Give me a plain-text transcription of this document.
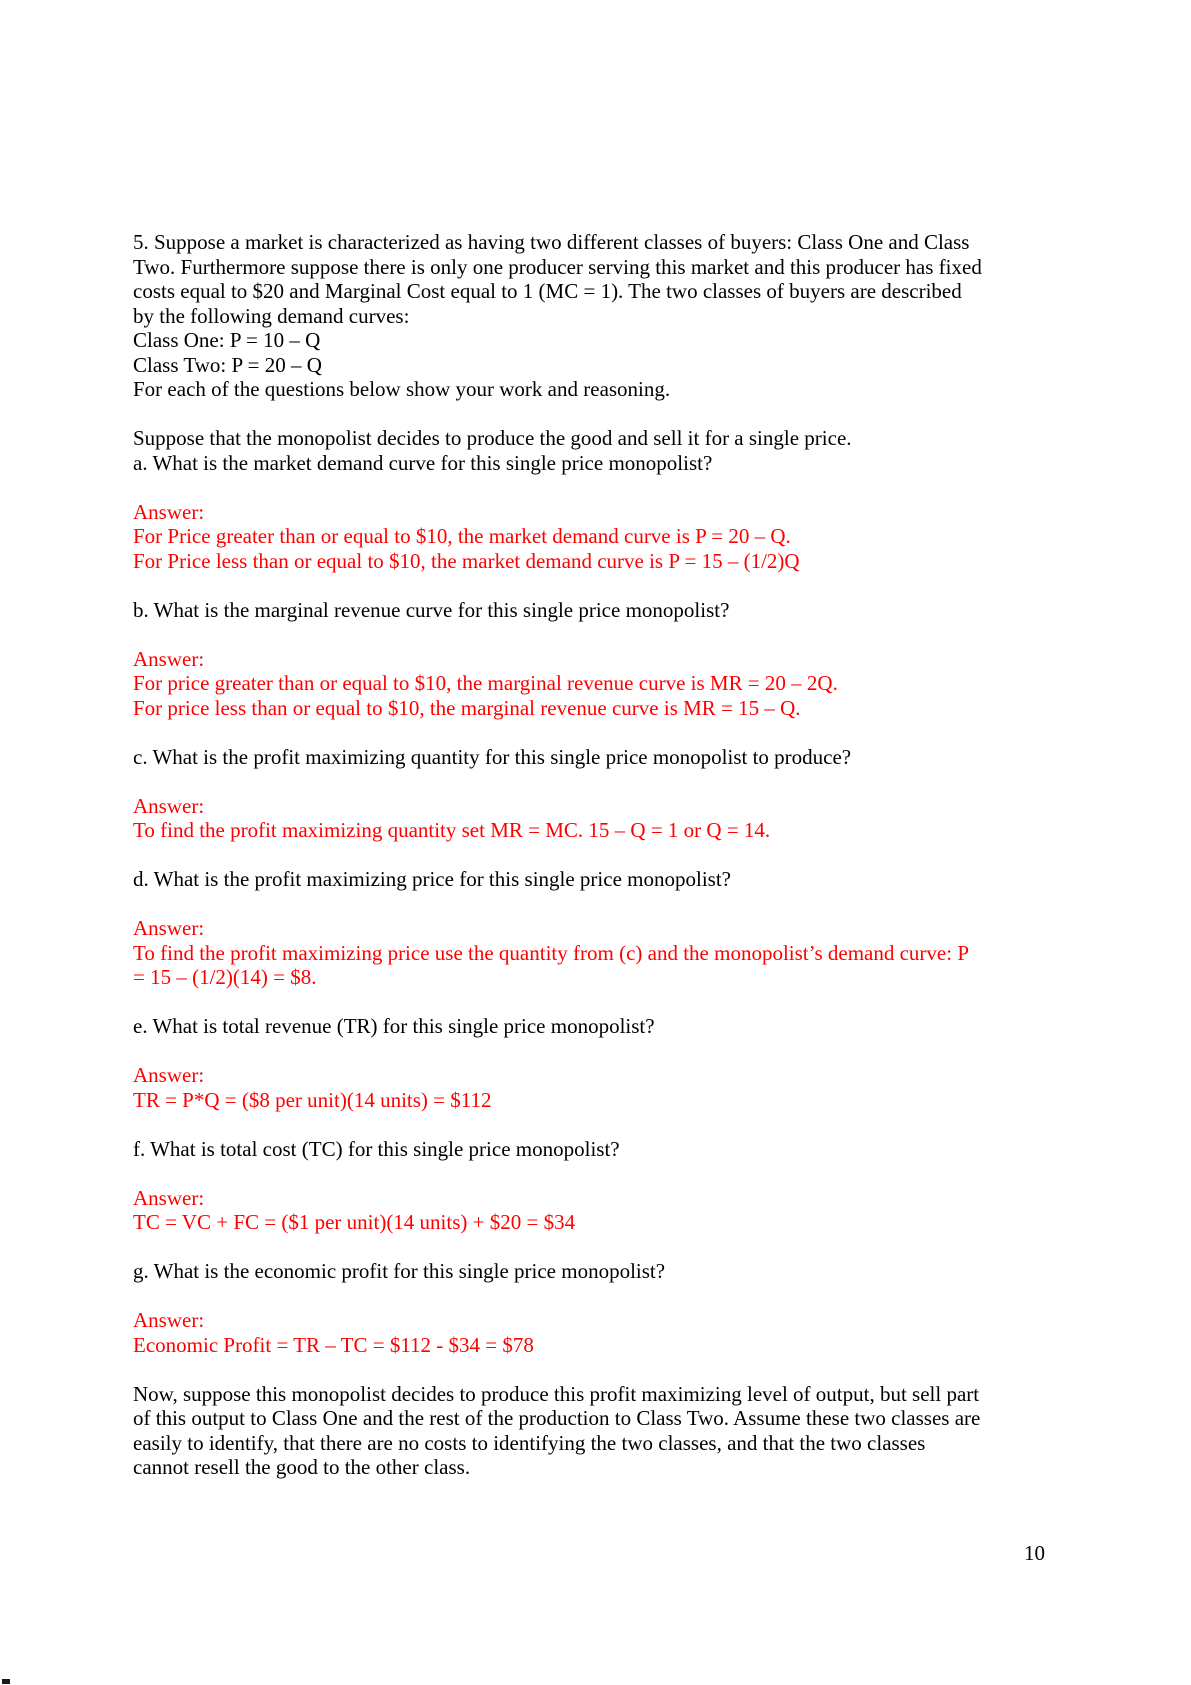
5. Suppose a market is characterized as having two different classes of buyers: Class One and Class Two. Furthermore suppose there is only one producer serving this market and this producer has fixed costs equal to $20 and Marginal Cost equal to 1 (MC = 1). The two classes of buyers are described by the following demand curves:

Class One: P = 10 – Q

Class Two: P = 20 – Q

For each of the questions below show your work and reasoning.

Suppose that the monopolist decides to produce the good and sell it for a single price.

a. What is the market demand curve for this single price monopolist?

Answer:

For Price greater than or equal to $10, the market demand curve is P = 20 – Q.

For Price less than or equal to $10, the market demand curve is P = 15 – (1/2)Q

b. What is the marginal revenue curve for this single price monopolist?

Answer:

For price greater than or equal to $10, the marginal revenue curve is MR = 20 – 2Q.

For price less than or equal to $10, the marginal revenue curve is MR = 15 – Q.

c. What is the profit maximizing quantity for this single price monopolist to produce?

Answer:

To find the profit maximizing quantity set MR = MC. 15 – Q = 1 or Q = 14.

d. What is the profit maximizing price for this single price monopolist?

Answer:

To find the profit maximizing price use the quantity from (c) and the monopolist’s demand curve: P = 15 – (1/2)(14) = $8.

e. What is total revenue (TR) for this single price monopolist?

Answer:

TR = P*Q = ($8 per unit)(14 units) = $112

f. What is total cost (TC) for this single price monopolist?

Answer:

TC = VC + FC = ($1 per unit)(14 units) + $20 = $34

g. What is the economic profit for this single price monopolist?

Answer:

Economic Profit = TR – TC = $112 - $34 = $78

Now, suppose this monopolist decides to produce this profit maximizing level of output, but sell part of this output to Class One and the rest of the production to Class Two. Assume these two classes are easily to identify, that there are no costs to identifying the two classes, and that the two classes cannot resell the good to the other class.

10
